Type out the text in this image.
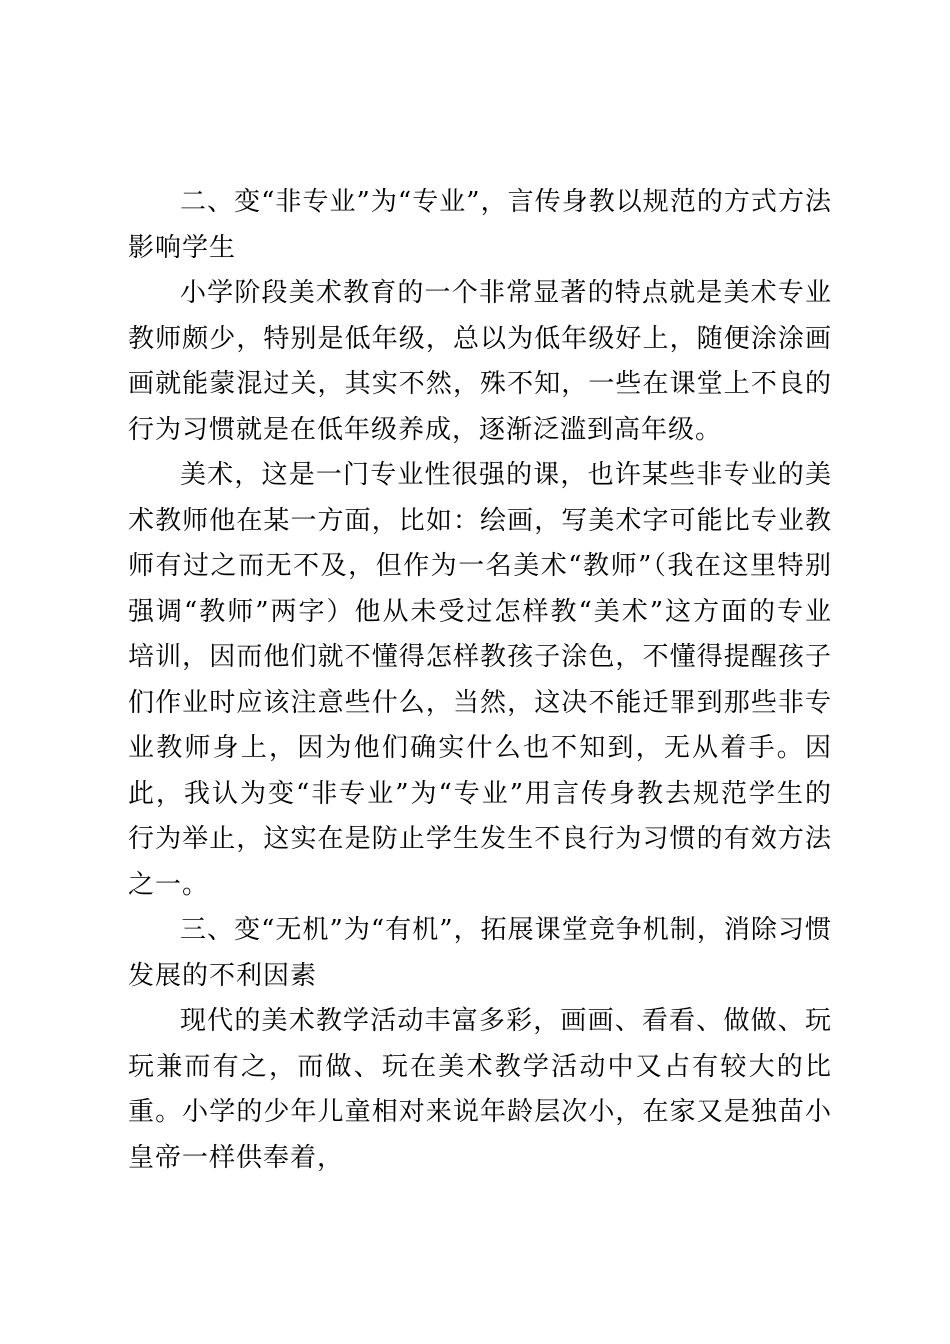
二、变“非专业”为“专业”，言传身教以规范的方式方法影响学生

小学阶段美术教育的一个非常显著的特点就是美术专业教师颇少，特别是低年级，总以为低年级好上，随便涂涂画画就能蒙混过关，其实不然，殊不知，一些在课堂上不良的行为习惯就是在低年级养成，逐渐泛滥到高年级。

美术，这是一门专业性很强的课，也许某些非专业的美术教师他在某一方面，比如：绘画，写美术字可能比专业教师有过之而无不及，但作为一名美术“教师”（我在这里特别强调“教师”两字）他从未受过怎样教“美术”这方面的专业培训，因而他们就不懂得怎样教孩子涂色，不懂得提醒孩子们作业时应该注意些什么，当然，这决不能迁罪到那些非专业教师身上，因为他们确实什么也不知到，无从着手。因此，我认为变“非专业”为“专业”用言传身教去规范学生的行为举止，这实在是防止学生发生不良行为习惯的有效方法之一。

三、变“无机”为“有机”，拓展课堂竞争机制，消除习惯发展的不利因素

现代的美术教学活动丰富多彩，画画、看看、做做、玩玩兼而有之，而做、玩在美术教学活动中又占有较大的比重。小学的少年儿童相对来说年龄层次小，在家又是独苗小皇帝一样供奉着，
